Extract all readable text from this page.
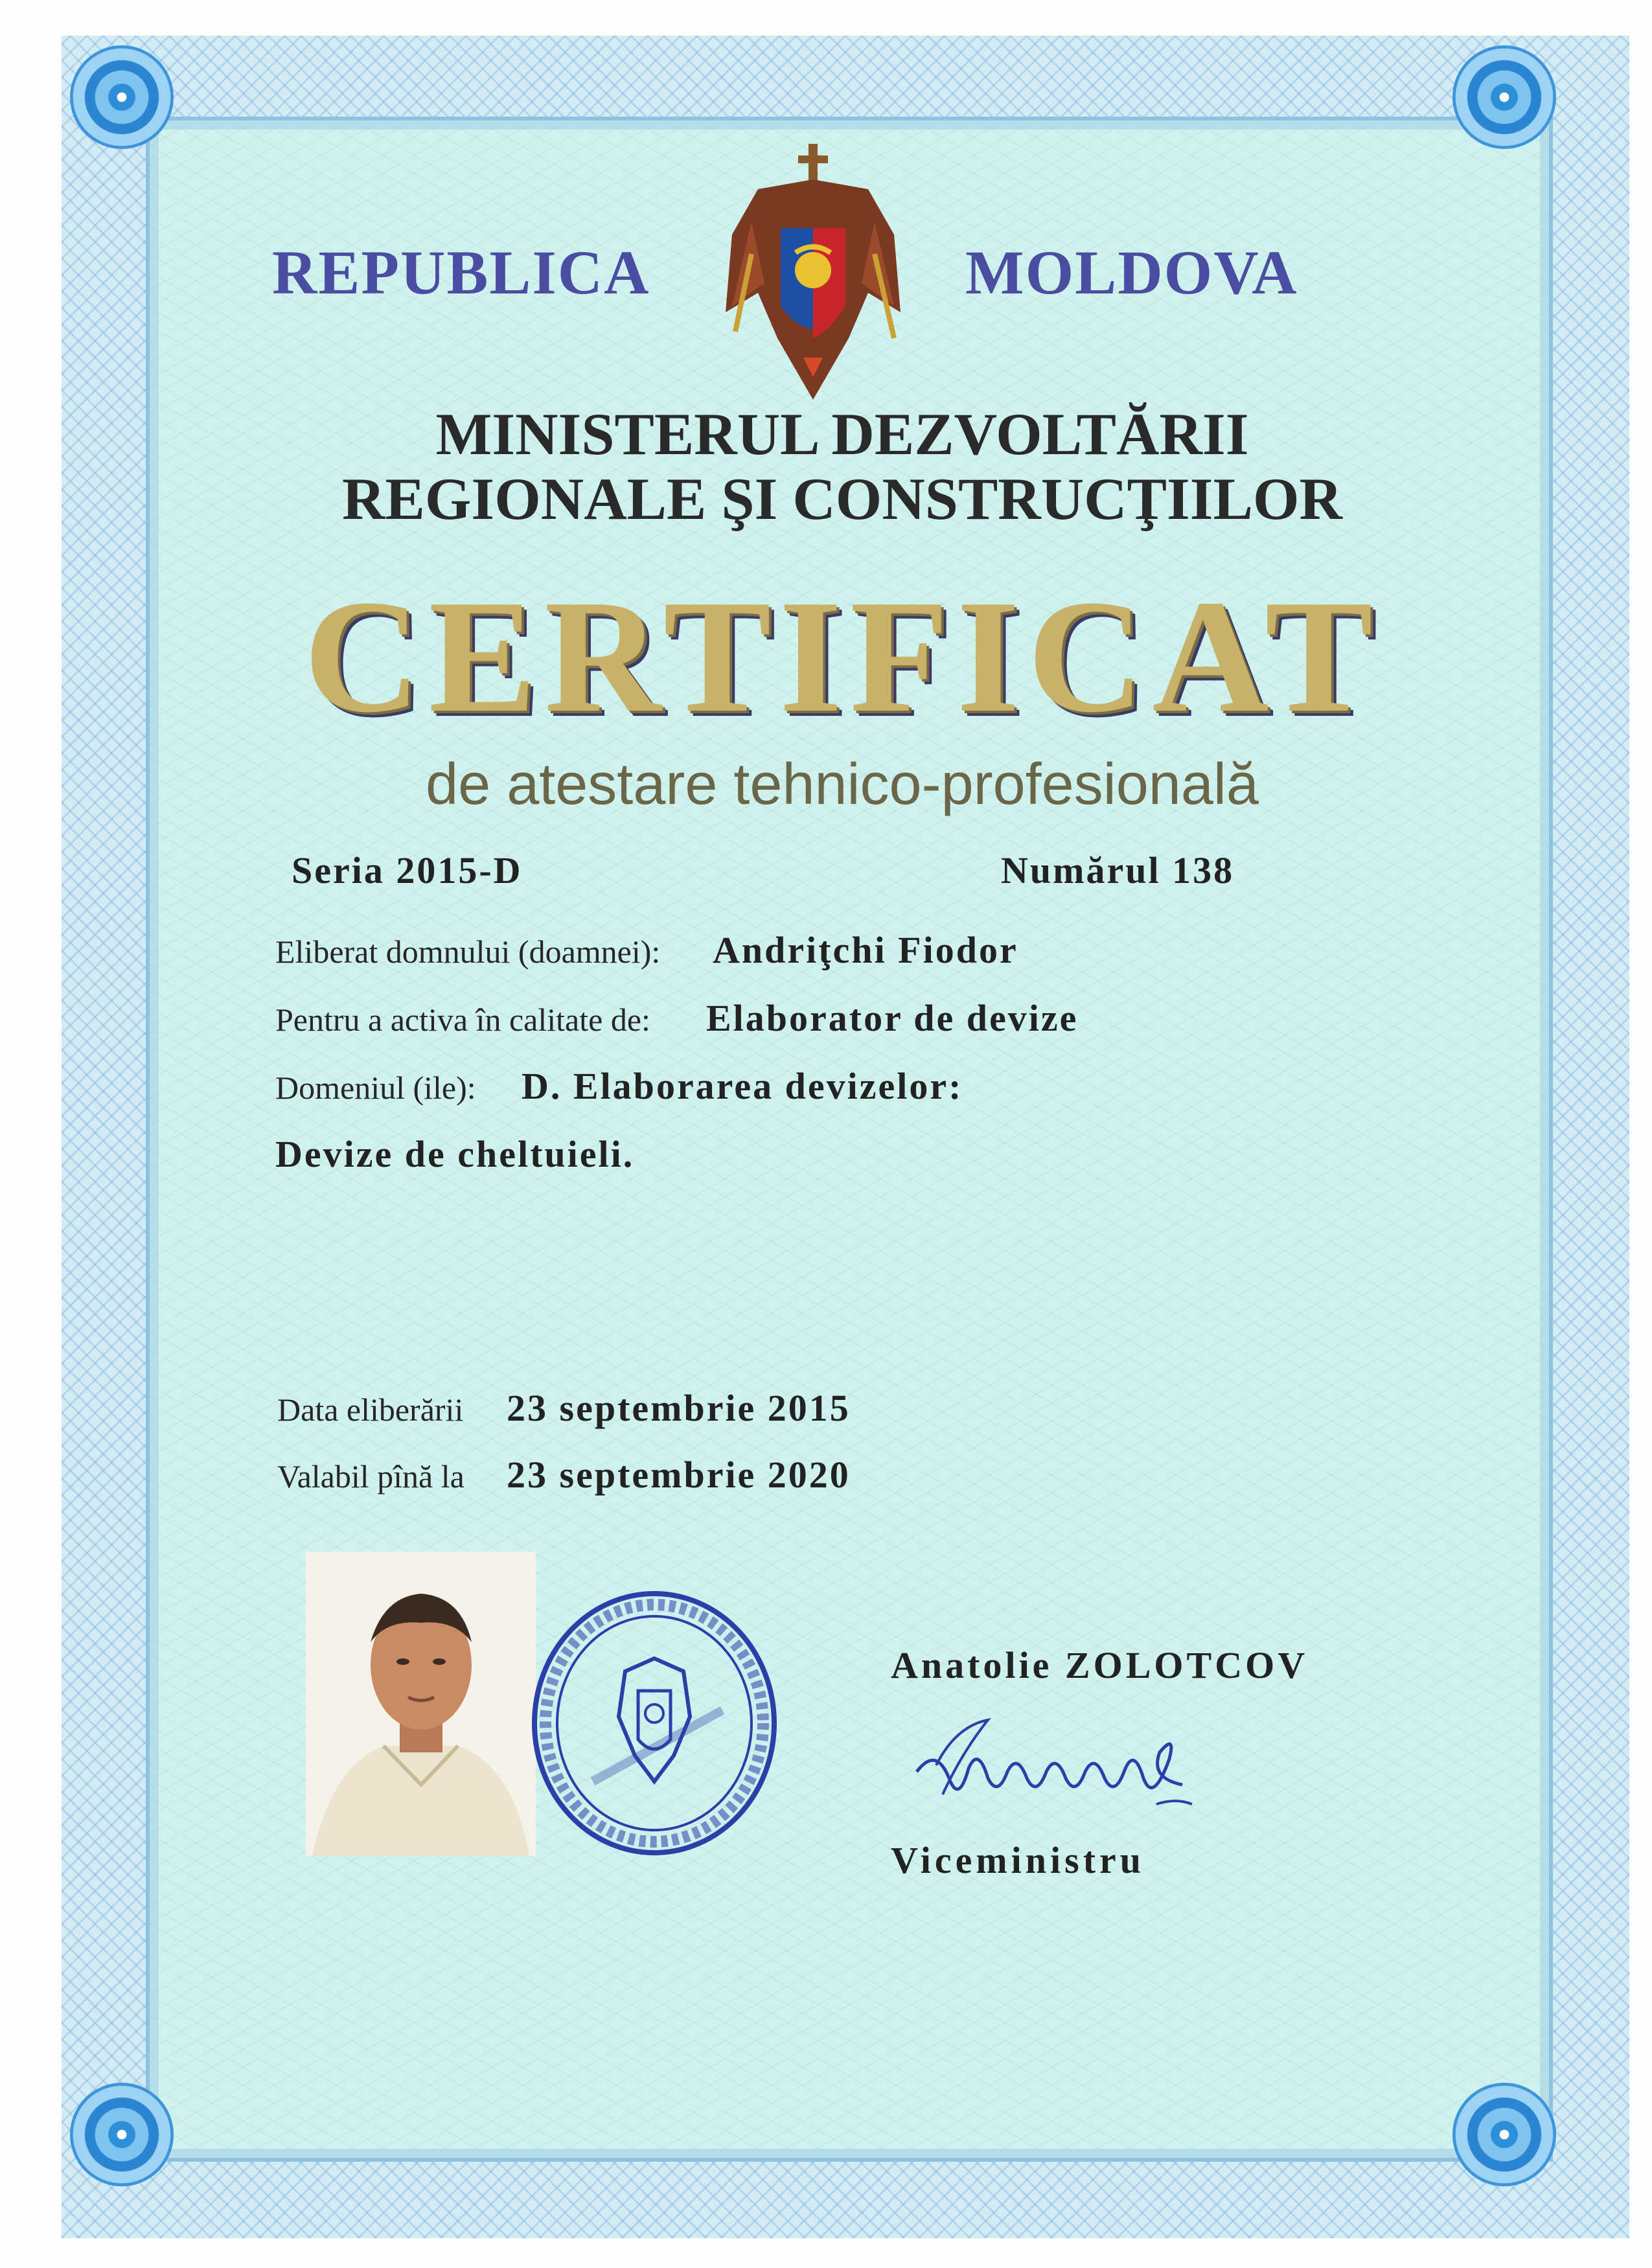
REPUBLICA	MOLDOVA
MINISTERUL DEZVOLTĂRII
REGIONALE ŞI CONSTRUCŢIILOR
CERTIFICAT
de atestare tehnico-profesională
Seria 2015-D	Numărul 138
Eliberat domnului (doamnei): Andriţchi Fiodor
Pentru a activa în calitate de: Elaborator de devize
Domeniul (ile): D. Elaborarea devizelor:
Devize de cheltuieli.
Data eliberării 23 septembrie 2015
Valabil pînă la 23 septembrie 2020
Anatolie ZOLOTCOV
Viceministru
